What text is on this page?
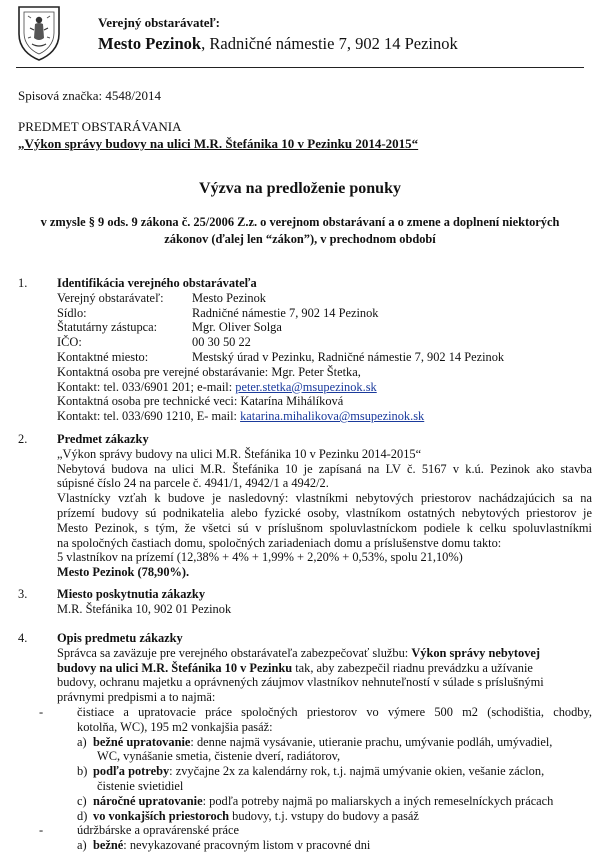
Verejný obstarávateľ:
Mesto Pezinok, Radničné námestie 7, 902 14 Pezinok
Spisová značka: 4548/2014
PREDMET OBSTARÁVANIA
„Výkon správy budovy na ulici M.R. Štefánika 10 v Pezinku 2014-2015“
Výzva na predloženie ponuky
v zmysle § 9 ods. 9 zákona č. 25/2006 Z.z. o verejnom obstarávaní a o zmene a doplnení niektorých zákonov (ďalej len “zákon”), v prechodnom období
1. Identifikácia verejného obstarávateľa
Verejný obstarávateľ:	Mesto Pezinok
Sídlo:	Radničné námestie 7, 902 14 Pezinok
Štatutárny zástupca:	Mgr. Oliver Solga
IČO:	00 30 50 22
Kontaktné miesto:	Mestský úrad v Pezinku, Radničné námestie 7, 902 14 Pezinok
Kontaktná osoba pre verejné obstarávanie: Mgr. Peter Štetka,
Kontakt: tel. 033/6901 201; e-mail: peter.stetka@msupezinok.sk
Kontaktná osoba pre technické veci: Katarína Mihálíková
Kontakt: tel. 033/690 1210, E- mail: katarina.mihalikova@msupezinok.sk
2. Predmet zákazky
„Výkon správy budovy na ulici M.R. Štefánika 10 v Pezinku 2014-2015“
Nebytová budova na ulici M.R. Štefánika 10 je zapísaná na LV č. 5167 v k.ú. Pezinok ako stavba
súpisné číslo 24 na parcele č. 4941/1, 4942/1 a 4942/2.
Vlastnícky vzťah k budove je nasledovný: vlastníkmi nebytových priestorov nachádzajúcich sa na
prízemí budovy sú podnikatelia alebo fyzické osoby, vlastníkom ostatných nebytových priestorov je
Mesto Pezinok, s tým, že všetci sú v príslušnom spoluvlastníckom podiele k celku spoluvlastníkmi
na spoločných častiach domu, spoločných zariadeniach domu a príslušenstve domu takto:
5 vlastníkov na prízemí (12,38% + 4% + 1,99% + 2,20% + 0,53%, spolu 21,10%)
Mesto Pezinok (78,90%).
3. Miesto poskytnutia zákazky
M.R. Štefánika 10, 902 01 Pezinok
4. Opis predmetu zákazky
Správca sa zaväzuje pre verejného obstarávateľa zabezpečovať službu: Výkon správy nebytovej
budovy na ulici M.R. Štefánika 10 v Pezinku tak, aby zabezpečil riadnu prevádzku a užívanie
budovy, ochranu majetku a oprávnených záujmov vlastníkov nehnuteľností v súlade s príslušnými
právnymi predpismi a to najmä:
-	čistiace a upratovacie práce spoločných priestorov vo výmere 500 m2 (schodištia, chodby,
kotolňa, WC), 195 m2 vonkajšia pasáž:
a) bežné upratovanie: denne najmä vysávanie, utieranie prachu, umývanie podláh, umývadiel,
WC, vynášanie smetia, čistenie dverí, radiátorov,
b) podľa potreby: zvyčajne 2x za kalendárny rok, t.j. najmä umývanie okien, vešanie záclon,
čistenie svietidiel
c) náročné upratovanie: podľa potreby najmä po maliarskych a iných remeselníckych prácach
d) vo vonkajších priestoroch budovy, t.j. vstupy do budovy a pasáž
-	údržbárske a opravárenské práce
a) bežné: nevykazované pracovným listom v pracovné dni
